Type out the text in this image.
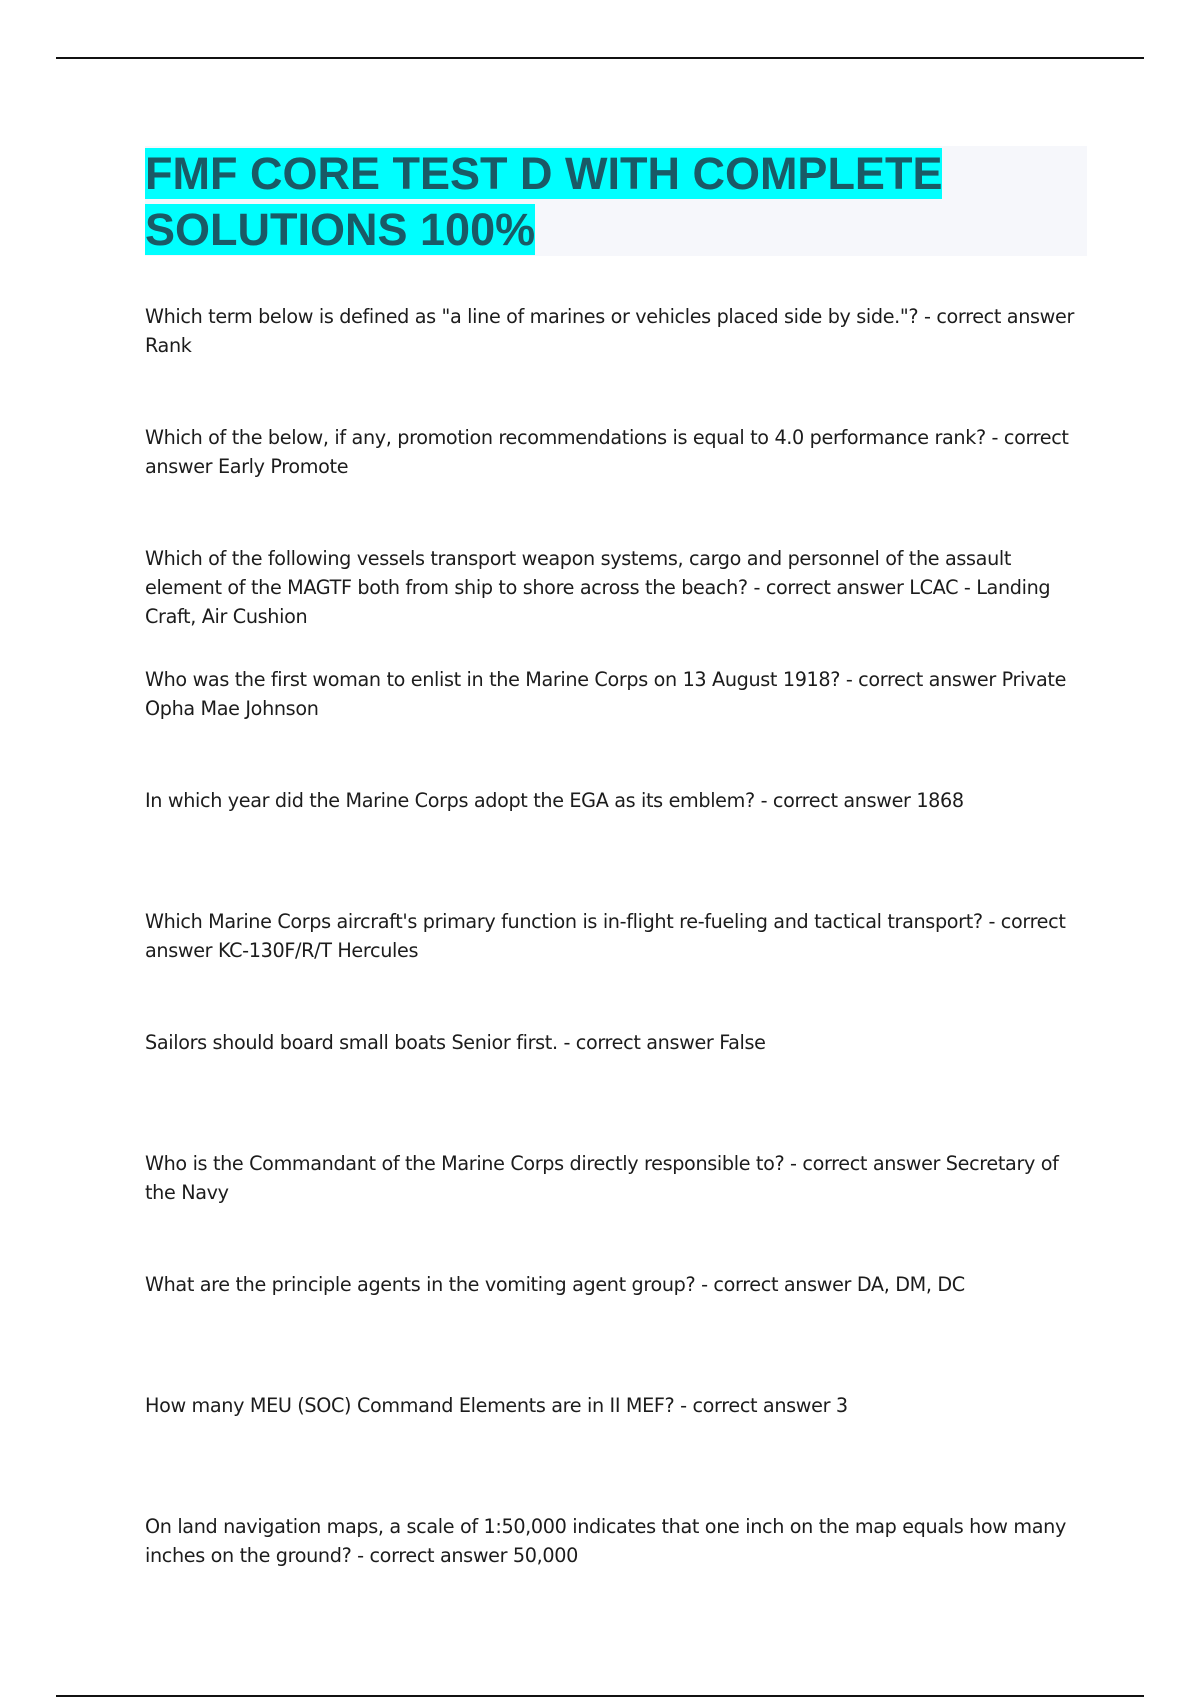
FMF CORE TEST D WITH COMPLETE SOLUTIONS 100%

Which term below is defined as "a line of marines or vehicles placed side by side."? - correct answer Rank

Which of the below, if any, promotion recommendations is equal to 4.0 performance rank? - correct answer Early Promote

Which of the following vessels transport weapon systems, cargo and personnel of the assault element of the MAGTF both from ship to shore across the beach? - correct answer LCAC - Landing Craft, Air Cushion

Who was the first woman to enlist in the Marine Corps on 13 August 1918? - correct answer Private Opha Mae Johnson

In which year did the Marine Corps adopt the EGA as its emblem? - correct answer 1868

Which Marine Corps aircraft's primary function is in-flight re-fueling and tactical transport? - correct answer KC-130F/R/T Hercules

Sailors should board small boats Senior first. - correct answer False

Who is the Commandant of the Marine Corps directly responsible to? - correct answer Secretary of the Navy

What are the principle agents in the vomiting agent group? - correct answer DA, DM, DC

How many MEU (SOC) Command Elements are in II MEF? - correct answer 3

On land navigation maps, a scale of 1:50,000 indicates that one inch on the map equals how many inches on the ground? - correct answer 50,000
